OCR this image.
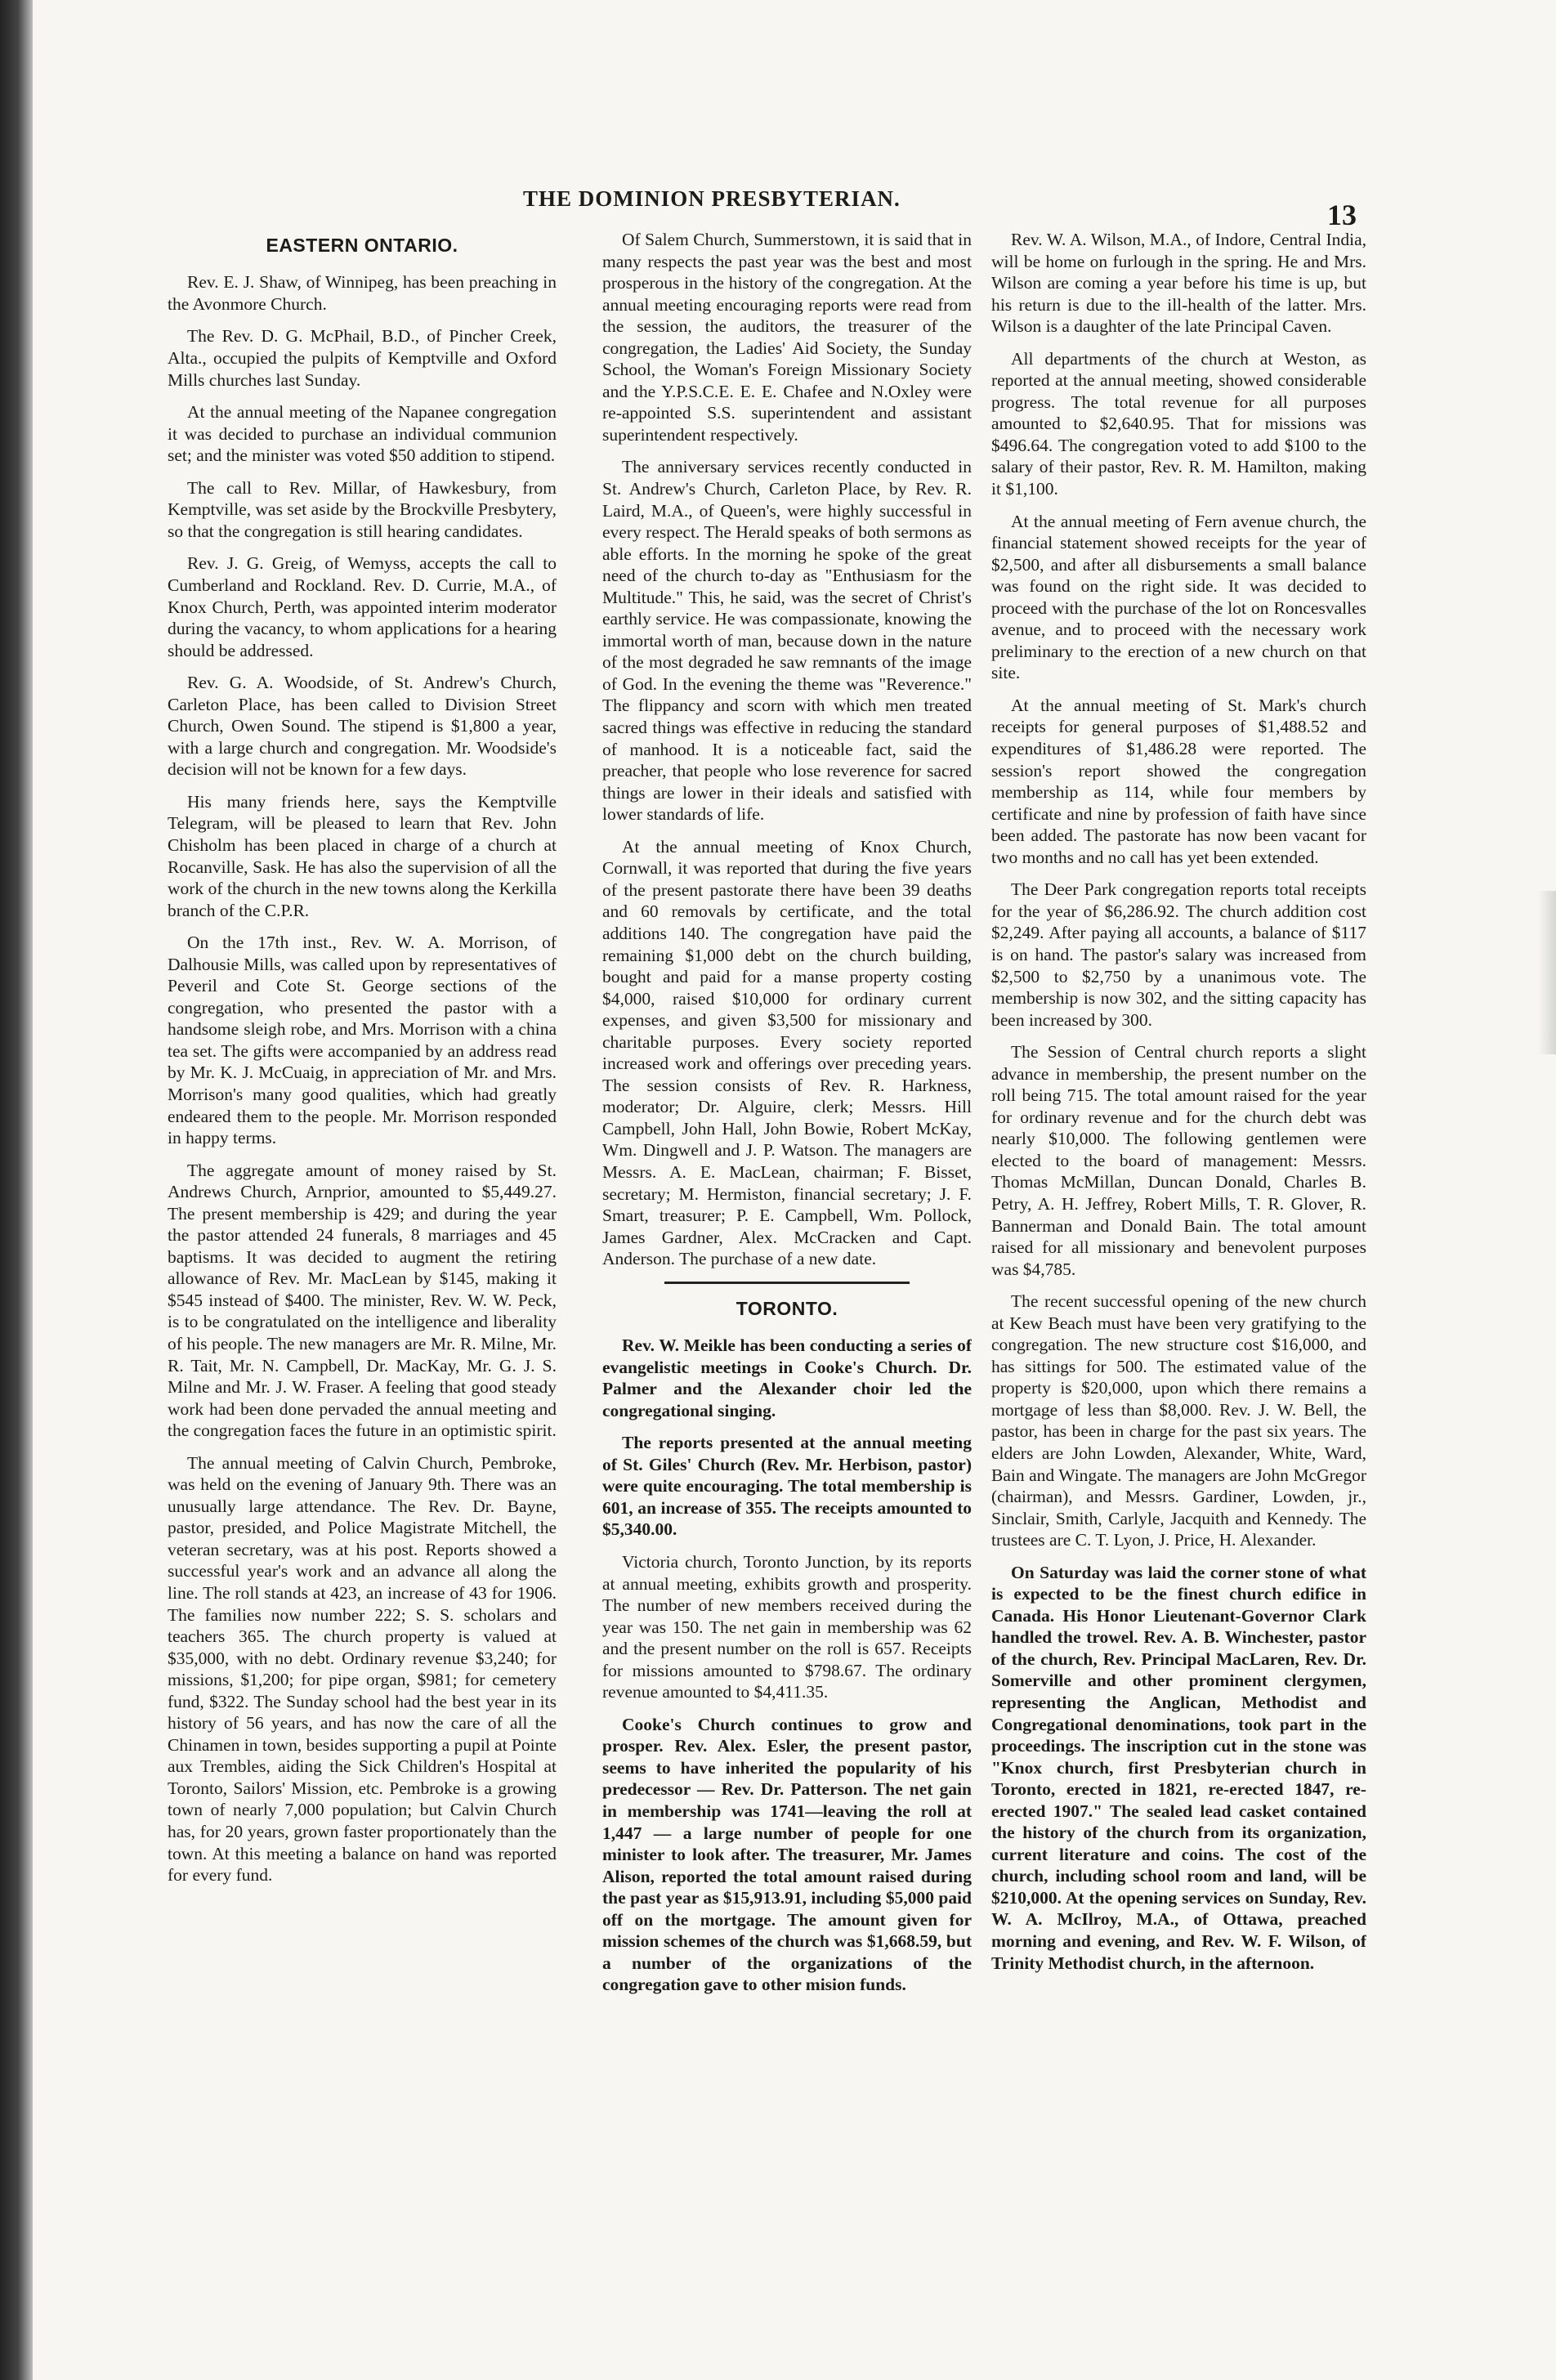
THE DOMINION PRESBYTERIAN.	13
EASTERN ONTARIO.

Rev. E. J. Shaw, of Winnipeg, has been preaching in the Avonmore Church.

The Rev. D. G. McPhail, B.D., of Pincher Creek, Alta., occupied the pulpits of Kemptville and Oxford Mills churches last Sunday.

At the annual meeting of the Napanee congregation it was decided to purchase an individual communion set; and the minister was voted $50 addition to stipend.

The call to Rev. Millar, of Hawkesbury, from Kemptville, was set aside by the Brockville Presbytery, so that the congregation is still hearing candidates.

Rev. J. G. Greig, of Wemyss, accepts the call to Cumberland and Rockland. Rev. D. Currie, M.A., of Knox Church, Perth, was appointed interim moderator during the vacancy, to whom applications for a hearing should be addressed.

Rev. G. A. Woodside, of St. Andrew's Church, Carleton Place, has been called to Division Street Church, Owen Sound. The stipend is $1,800 a year, with a large church and congregation. Mr. Woodside's decision will not be known for a few days.

His many friends here, says the Kemptville Telegram, will be pleased to learn that Rev. John Chisholm has been placed in charge of a church at Rocanville, Sask. He has also the supervision of all the work of the church in the new towns along the Kerkilla branch of the C.P.R.

On the 17th inst., Rev. W. A. Morrison, of Dalhousie Mills, was called upon by representatives of Peveril and Cote St. George sections of the congregation, who presented the pastor with a handsome sleigh robe, and Mrs. Morrison with a china tea set. The gifts were accompanied by an address read by Mr. K. J. McCuaig, in appreciation of Mr. and Mrs. Morrison's many good qualities, which had greatly endeared them to the people. Mr. Morrison responded in happy terms.

The aggregate amount of money raised by St. Andrews Church, Arnprior, amounted to $5,449.27. The present membership is 429; and during the year the pastor attended 24 funerals, 8 marriages and 45 baptisms. It was decided to augment the retiring allowance of Rev. Mr. MacLean by $145, making it $545 instead of $400. The minister, Rev. W. W. Peck, is to be congratulated on the intelligence and liberality of his people. The new managers are Mr. R. Milne, Mr. R. Tait, Mr. N. Campbell, Dr. MacKay, Mr. G. J. S. Milne and Mr. J. W. Fraser. A feeling that good steady work had been done pervaded the annual meeting and the congregation faces the future in an optimistic spirit.

The annual meeting of Calvin Church, Pembroke, was held on the evening of January 9th. There was an unusually large attendance. The Rev. Dr. Bayne, pastor, presided, and Police Magistrate Mitchell, the veteran secretary, was at his post. Reports showed a successful year's work and an advance all along the line. The roll stands at 423, an increase of 43 for 1906. The families now number 222; S. S. scholars and teachers 365. The church property is valued at $35,000, with no debt. Ordinary revenue $3,240; for missions, $1,200; for pipe organ, $981; for cemetery fund, $322. The Sunday school had the best year in its history of 56 years, and has now the care of all the Chinamen in town, besides supporting a pupil at Pointe aux Trembles, aiding the Sick Children's Hospital at Toronto, Sailors' Mission, etc. Pembroke is a growing town of nearly 7,000 population; but Calvin Church has, for 20 years, grown faster proportionately than the town. At this meeting a balance on hand was reported for every fund.

Of Salem Church, Summerstown, it is said that in many respects the past year was the best and most prosperous in the history of the congregation. At the annual meeting encouraging reports were read from the session, the auditors, the treasurer of the congregation, the Ladies' Aid Society, the Sunday School, the Woman's Foreign Missionary Society and the Y.P.S.C.E. E. E. Chafee and N.Oxley were re-appointed S.S. superintendent and assistant superintendent respectively.

The anniversary services recently conducted in St. Andrew's Church, Carleton Place, by Rev. R. Laird, M.A., of Queen's, were highly successful in every respect. The Herald speaks of both sermons as able efforts. In the morning he spoke of the great need of the church to-day as "Enthusiasm for the Multitude." This, he said, was the secret of Christ's earthly service. He was compassionate, knowing the immortal worth of man, because down in the nature of the most degraded he saw remnants of the image of God. In the evening the theme was "Reverence." The flippancy and scorn with which men treated sacred things was effective in reducing the standard of manhood. It is a noticeable fact, said the preacher, that people who lose reverence for sacred things are lower in their ideals and satisfied with lower standards of life.

At the annual meeting of Knox Church, Cornwall, it was reported that during the five years of the present pastorate there have been 39 deaths and 60 removals by certificate, and the total additions 140. The congregation have paid the remaining $1,000 debt on the church building, bought and paid for a manse property costing $4,000, raised $10,000 for ordinary current expenses, and given $3,500 for missionary and charitable purposes. Every society reported increased work and offerings over preceding years. The session consists of Rev. R. Harkness, moderator; Dr. Alguire, clerk; Messrs. Hill Campbell, John Hall, John Bowie, Robert McKay, Wm. Dingwell and J. P. Watson. The managers are Messrs. A. E. MacLean, chairman; F. Bisset, secretary; M. Hermiston, financial secretary; J. F. Smart, treasurer; P. E. Campbell, Wm. Pollock, James Gardner, Alex. McCracken and Capt. Anderson. The purchase of a new date.

TORONTO.

Rev. W. Meikle has been conducting a series of evangelistic meetings in Cooke's Church. Dr. Palmer and the Alexander choir led the congregational singing.

The reports presented at the annual meeting of St. Giles' Church (Rev. Mr. Herbison, pastor) were quite encouraging. The total membership is 601, an increase of 355. The receipts amounted to $5,340.00.

Victoria church, Toronto Junction, by its reports at annual meeting, exhibits growth and prosperity. The number of new members received during the year was 150. The net gain in membership was 62 and the present number on the roll is 657. Receipts for missions amounted to $798.67. The ordinary revenue amounted to $4,411.35.

Cooke's Church continues to grow and prosper. Rev. Alex. Esler, the present pastor, seems to have inherited the popularity of his predecessor — Rev. Dr. Patterson. The net gain in membership was 1741—leaving the roll at 1,447 — a large number of people for one minister to look after. The treasurer, Mr. James Alison, reported the total amount raised during the past year as $15,913.91, including $5,000 paid off on the mortgage. The amount given for mission schemes of the church was $1,668.59, but a number of the organizations of the congregation gave to other mision funds.

Rev. W. A. Wilson, M.A., of Indore, Central India, will be home on furlough in the spring. He and Mrs. Wilson are coming a year before his time is up, but his return is due to the ill-health of the latter. Mrs. Wilson is a daughter of the late Principal Caven.

All departments of the church at Weston, as reported at the annual meeting, showed considerable progress. The total revenue for all purposes amounted to $2,640.95. That for missions was $496.64. The congregation voted to add $100 to the salary of their pastor, Rev. R. M. Hamilton, making it $1,100.

At the annual meeting of Fern avenue church, the financial statement showed receipts for the year of $2,500, and after all disbursements a small balance was found on the right side. It was decided to proceed with the purchase of the lot on Roncesvalles avenue, and to proceed with the necessary work preliminary to the erection of a new church on that site.

At the annual meeting of St. Mark's church receipts for general purposes of $1,488.52 and expenditures of $1,486.28 were reported. The session's report showed the congregation membership as 114, while four members by certificate and nine by profession of faith have since been added. The pastorate has now been vacant for two months and no call has yet been extended.

The Deer Park congregation reports total receipts for the year of $6,286.92. The church addition cost $2,249. After paying all accounts, a balance of $117 is on hand. The pastor's salary was increased from $2,500 to $2,750 by a unanimous vote. The membership is now 302, and the sitting capacity has been increased by 300.

The Session of Central church reports a slight advance in membership, the present number on the roll being 715. The total amount raised for the year for ordinary revenue and for the church debt was nearly $10,000. The following gentlemen were elected to the board of management: Messrs. Thomas McMillan, Duncan Donald, Charles B. Petry, A. H. Jeffrey, Robert Mills, T. R. Glover, R. Bannerman and Donald Bain. The total amount raised for all missionary and benevolent purposes was $4,785.

The recent successful opening of the new church at Kew Beach must have been very gratifying to the congregation. The new structure cost $16,000, and has sittings for 500. The estimated value of the property is $20,000, upon which there remains a mortgage of less than $8,000. Rev. J. W. Bell, the pastor, has been in charge for the past six years. The elders are John Lowden, Alexander, White, Ward, Bain and Wingate. The managers are John McGregor (chairman), and Messrs. Gardiner, Lowden, jr., Sinclair, Smith, Carlyle, Jacquith and Kennedy. The trustees are C. T. Lyon, J. Price, H. Alexander.

On Saturday was laid the corner stone of what is expected to be the finest church edifice in Canada. His Honor Lieutenant-Governor Clark handled the trowel. Rev. A. B. Winchester, pastor of the church, Rev. Principal MacLaren, Rev. Dr. Somerville and other prominent clergymen, representing the Anglican, Methodist and Congregational denominations, took part in the proceedings. The inscription cut in the stone was "Knox church, first Presbyterian church in Toronto, erected in 1821, re-erected 1847, re-erected 1907." The sealed lead casket contained the history of the church from its organization, current literature and coins. The cost of the church, including school room and land, will be $210,000. At the opening services on Sunday, Rev. W. A. McIlroy, M.A., of Ottawa, preached morning and evening, and Rev. W. F. Wilson, of Trinity Methodist church, in the afternoon.
